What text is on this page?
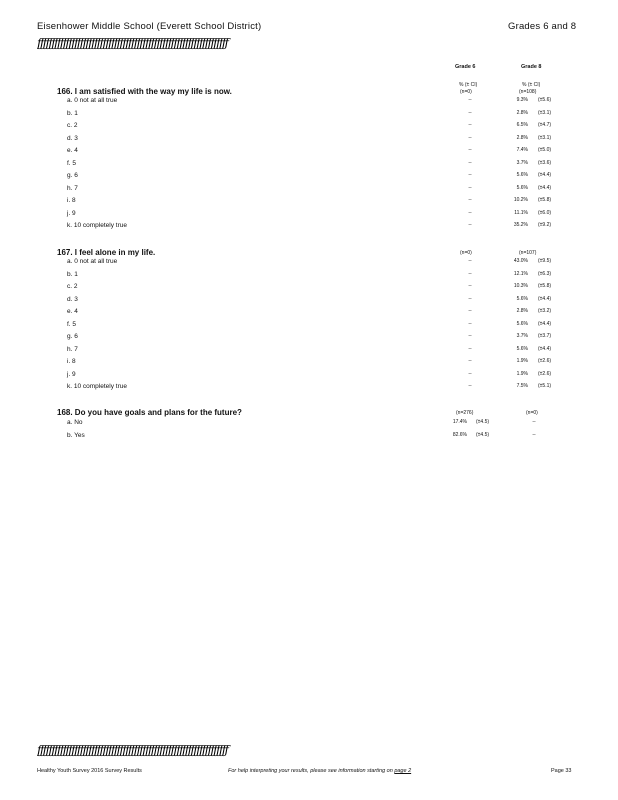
Eisenhower Middle School (Everett School District)	Grades 6 and 8
ƒƒƒƒƒƒƒƒƒƒƒƒƒƒƒƒƒƒƒƒƒƒƒƒƒƒƒƒƒƒƒƒƒƒƒƒƒƒƒƒƒƒƒƒƒƒƒƒƒƒƒƒƒƒƒƒƒƒƒƒƒƒƒƒƒƒƒ
Grade 6	Grade 8
% (± CI)	% (± CI)
166. I am satisfied with the way my life is now.	(n=0)	(n=108)
a. 0 not at all true	--	9.3% (±5.6)
b. 1	--	2.8% (±3.1)
c. 2	--	6.5% (±4.7)
d. 3	--	2.8% (±3.1)
e. 4	--	7.4% (±5.0)
f. 5	--	3.7% (±3.6)
g. 6	--	5.6% (±4.4)
h. 7	--	5.6% (±4.4)
i. 8	--	10.2% (±5.8)
j. 9	--	11.1% (±6.0)
k. 10 completely true	--	35.2% (±9.2)
167. I feel alone in my life.	(n=0)	(n=107)
a. 0 not at all true	--	43.0% (±9.5)
b. 1	--	12.1% (±6.3)
c. 2	--	10.3% (±5.8)
d. 3	--	5.6% (±4.4)
e. 4	--	2.8% (±3.2)
f. 5	--	5.6% (±4.4)
g. 6	--	3.7% (±3.7)
h. 7	--	5.6% (±4.4)
i. 8	--	1.9% (±2.6)
j. 9	--	1.9% (±2.6)
k. 10 completely true	--	7.5% (±5.1)
168. Do you have goals and plans for the future?	(n=276)	(n=0)
a. No	17.4% (±4.5)	--
b. Yes	82.6% (±4.5)	--
ƒƒƒƒƒƒƒƒƒƒƒƒƒƒƒƒƒƒƒƒƒƒƒƒƒƒƒƒƒƒƒƒƒƒƒƒƒƒƒƒƒƒƒƒƒƒƒƒƒƒƒƒƒƒƒƒƒƒƒƒƒƒƒƒƒƒƒ
Healthy Youth Survey 2016 Survey Results	For help interpreting your results, please see information starting on page 2	Page 33
